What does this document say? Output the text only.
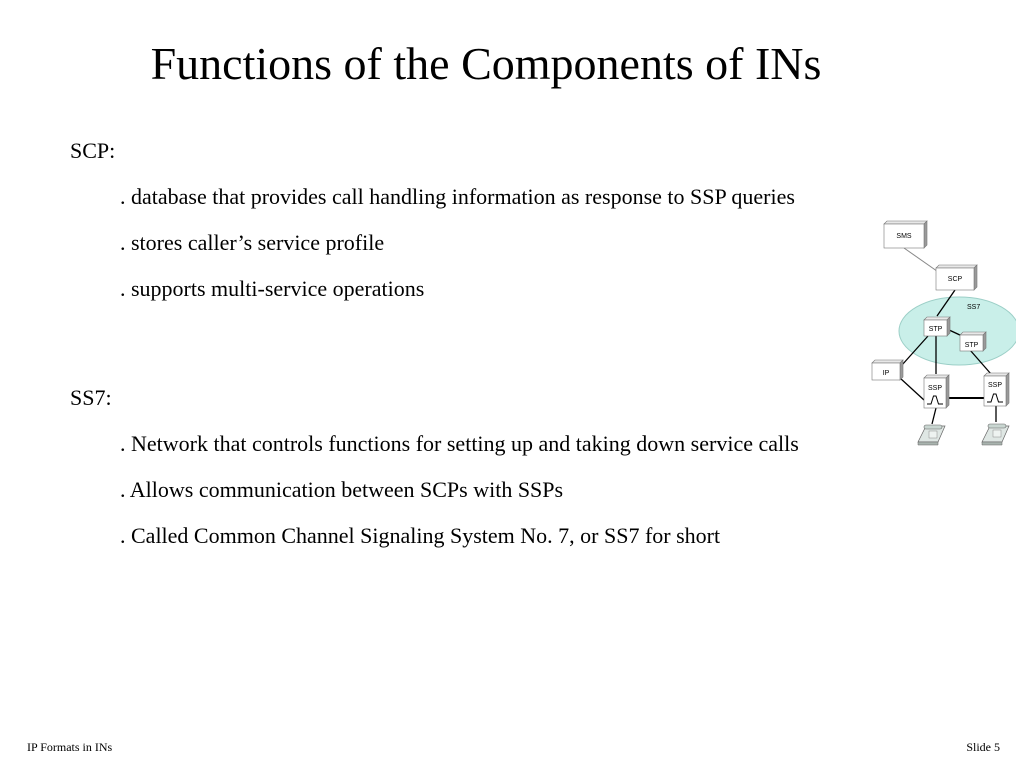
Functions of the Components of INs
SCP:
. database that provides call handling information as response to SSP queries
. stores caller’s service profile
. supports multi-service operations
SS7:
. Network that controls functions for setting up and taking down service calls
. Allows communication between SCPs with SSPs
. Called Common Channel Signaling System No. 7, or SS7 for short
SS7
SMS
SCP
STP
STP
IP
SSP	SSP
IP Formats in INs	Slide 5
